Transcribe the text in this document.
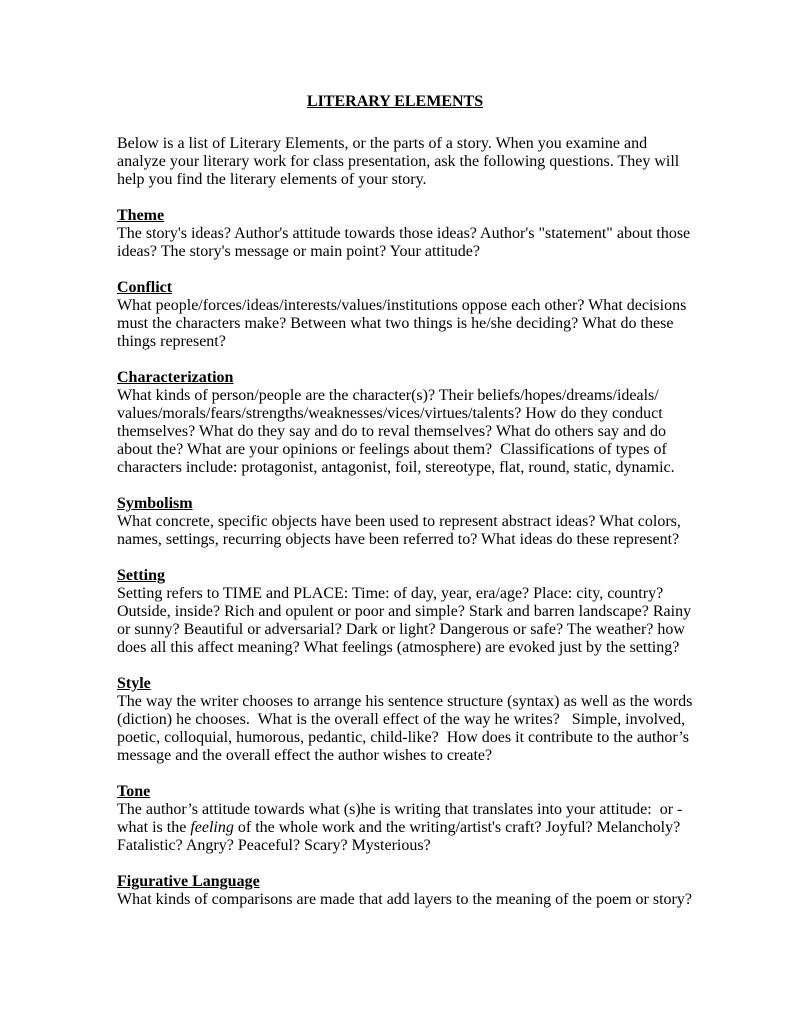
LITERARY ELEMENTS
Below is a list of Literary Elements, or the parts of a story. When you examine and
analyze your literary work for class presentation, ask the following questions. They will
help you find the literary elements of your story.
Theme
The story's ideas? Author's attitude towards those ideas? Author's "statement" about those
ideas? The story's message or main point? Your attitude?
Conflict
What people/forces/ideas/interests/values/institutions oppose each other? What decisions
must the characters make? Between what two things is he/she deciding? What do these
things represent?
Characterization
What kinds of person/people are the character(s)? Their beliefs/hopes/dreams/ideals/
values/morals/fears/strengths/weaknesses/vices/virtues/talents? How do they conduct
themselves? What do they say and do to reval themselves? What do others say and do
about the? What are your opinions or feelings about them?  Classifications of types of
characters include: protagonist, antagonist, foil, stereotype, flat, round, static, dynamic.
Symbolism
What concrete, specific objects have been used to represent abstract ideas? What colors,
names, settings, recurring objects have been referred to? What ideas do these represent?
Setting
Setting refers to TIME and PLACE: Time: of day, year, era/age? Place: city, country?
Outside, inside? Rich and opulent or poor and simple? Stark and barren landscape? Rainy
or sunny? Beautiful or adversarial? Dark or light? Dangerous or safe? The weather? how
does all this affect meaning? What feelings (atmosphere) are evoked just by the setting?
Style
The way the writer chooses to arrange his sentence structure (syntax) as well as the words
(diction) he chooses.  What is the overall effect of the way he writes?   Simple, involved,
poetic, colloquial, humorous, pedantic, child-like?  How does it contribute to the author’s
message and the overall effect the author wishes to create?
Tone
The author’s attitude towards what (s)he is writing that translates into your attitude:  or -
what is the feeling of the whole work and the writing/artist's craft? Joyful? Melancholy?
Fatalistic? Angry? Peaceful? Scary? Mysterious?
Figurative Language
What kinds of comparisons are made that add layers to the meaning of the poem or story?
